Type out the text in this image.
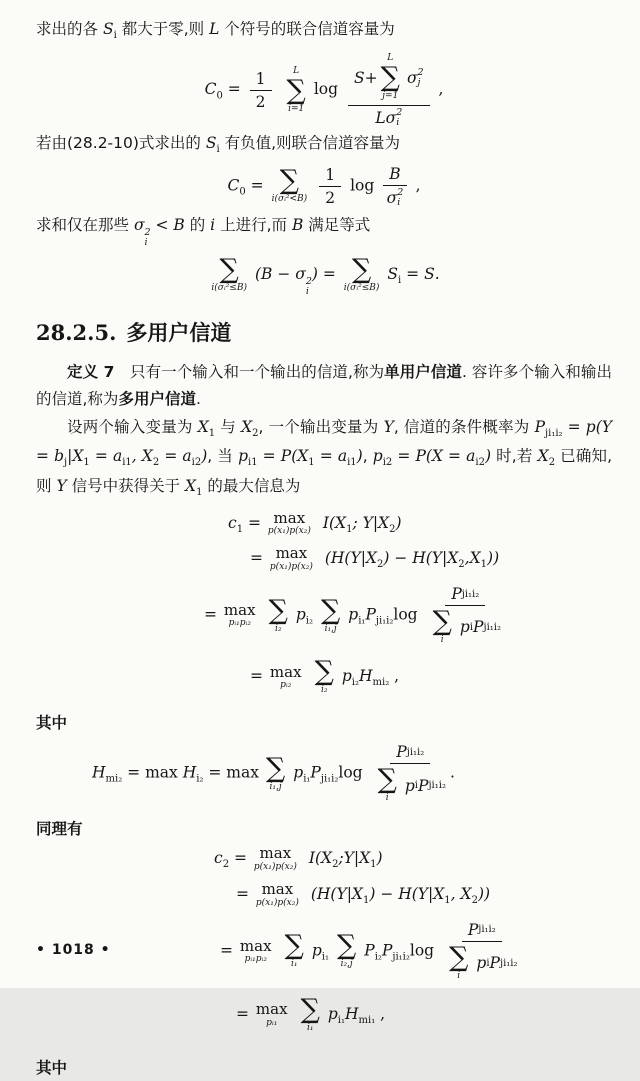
求出的各 $S_i$ 都大于零,则 L 个符号的联合信道容量为

$C_0 = \frac{1}{2}$ L
∑
i=1
log S +
L
∑
j=1
σ 2
j
Lσ 2
i ,

若由(28.2-10)式求出的 $S_i$ 有负值,则联合信道容量为

$C_0$ = ∑
i(σᵢ²<B) $\frac{1}{2}$ log B
σ 2
i ,

求和仅在那些 σ 2
i
< B 的 i 上进行,而 B 满足等式

∑
i(σᵢ²≤B)
(B − σ 2
i
) = ∑
i(σᵢ²≤B)
$S_i = S$.
28.2.5. 多用户信道

定义 7　只有一个输入和一个输出的信道,称为单用户信道. 容许多个输入和输出的信道,称为多用户信道.

设两个输入变量为 $X_1$ 与 $X_2$, 一个输出变量为 Y, 信道的条件概率为 $P_{ji_1i_2} = p(Y = b_j|X_1 = a_{i1}$, $X_2 = a_{i2}$), 当 $p_{i1} = P(X_1 = a_{i1})$, $p_{i2} = P(X = a_{i2})$ 时,若 $X_2$ 已确知,则 Y 信号中获得关于 $X_1$ 的最大信息为

$c_1 = \max$
p(x₁)p(x₂) $I(X_1$; $Y|X_2$)
= max
p(x₁)p(x₂) $(H(Y|X_2) - H(Y|X_2,X_1))$
= max
pᵢ₁pᵢ₂ ∑
i₂
$p_{i_2}$ ∑
i₁,j
$p_{i_1}P_{ji_1i_2}\log$ P ji₁i₂
∑
i
p i P ji₁i₂
= max
pᵢ₂ ∑
i₂
$p_{i_2}H_{mi_2}$ ,

其中

$H_{mi_2} = \max H_{i_2} = \max$ ∑
i₁,j
$p_{i_1}P_{ji_1i_2}\log$ P ji₁i₂
∑
i
p i P ji₁i₂ .

同理有

$c_2 = \max$
p(x₁)p(x₂) $I(X_2;Y|X_1)$
= max
p(x₁)p(x₂) ($H(Y|X_1) - H(Y|X_1$, $X_2$))
= max
pᵢ₁pᵢ₂ ∑
i₁
$p_{i_1}$ ∑
i₂,j
$P_{i_2}P_{ji_1i_2}\log$ P ji₁i₂
∑
i
p i P ji₁i₂
= max
pᵢ₁ ∑
i₁
$p_{i_1}H_{mi_1}$ ,

其中

• 1018 •
